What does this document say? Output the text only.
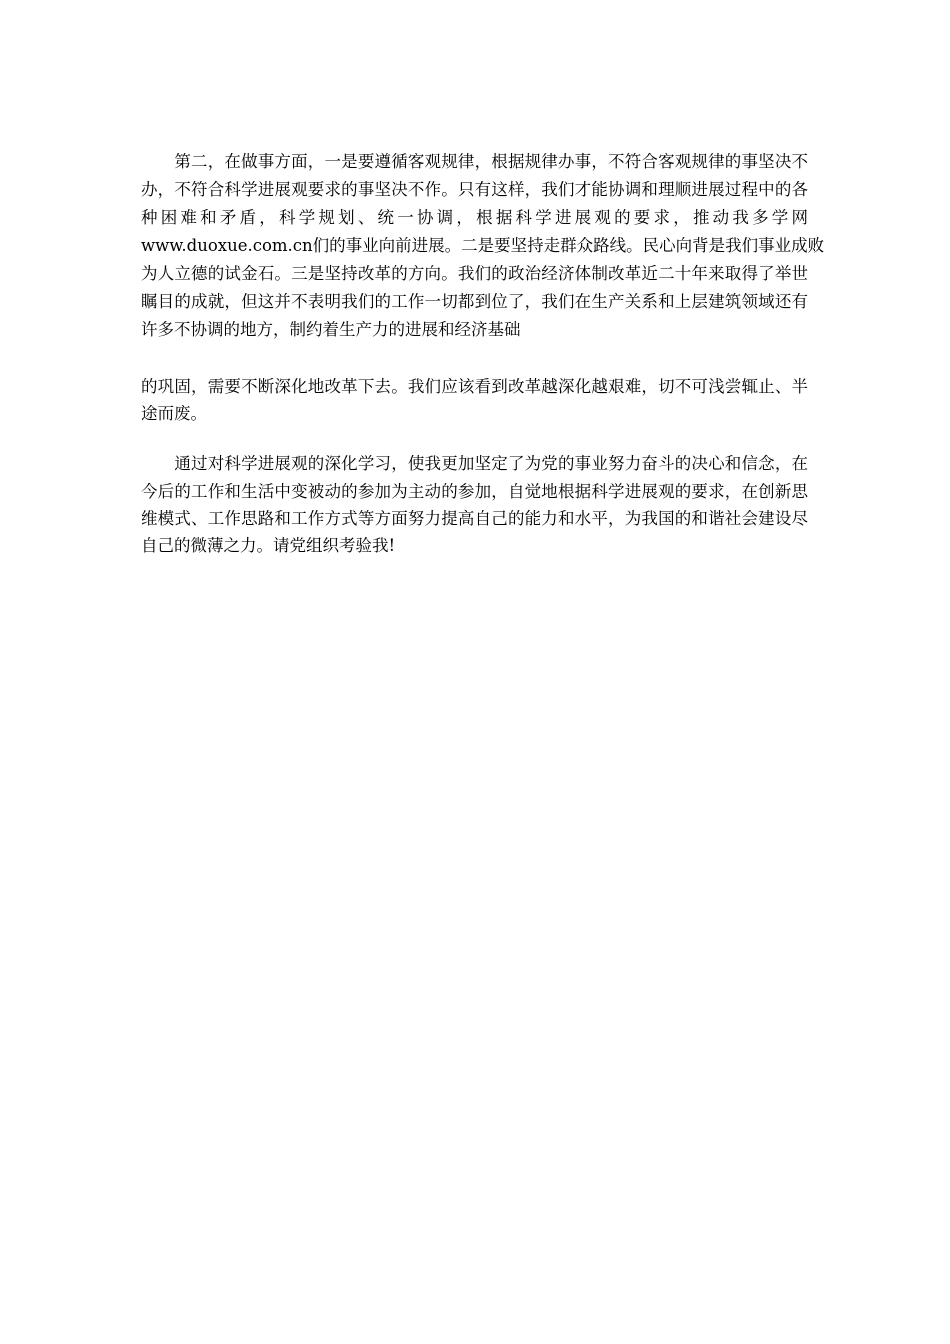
　　第二，在做事方面，一是要遵循客观规律，根据规律办事，不符合客观规律的事坚决不
办，不符合科学进展观要求的事坚决不作。只有这样，我们才能协调和理顺进展过程中的各
种困难和矛盾，科学规划、统一协调，根据科学进展观的要求，推动我多学网
www.duoxue.com.cn们的事业向前进展。二是要坚持走群众路线。民心向背是我们事业成败
为人立德的试金石。三是坚持改革的方向。我们的政治经济体制改革近二十年来取得了举世
瞩目的成就，但这并不表明我们的工作一切都到位了，我们在生产关系和上层建筑领域还有
许多不协调的地方，制约着生产力的进展和经济基础
的巩固，需要不断深化地改革下去。我们应该看到改革越深化越艰难，切不可浅尝辄止、半
途而废。
　　通过对科学进展观的深化学习，使我更加坚定了为党的事业努力奋斗的决心和信念，在
今后的工作和生活中变被动的参加为主动的参加，自觉地根据科学进展观的要求，在创新思
维模式、工作思路和工作方式等方面努力提高自己的能力和水平，为我国的和谐社会建设尽
自己的微薄之力。请党组织考验我!
